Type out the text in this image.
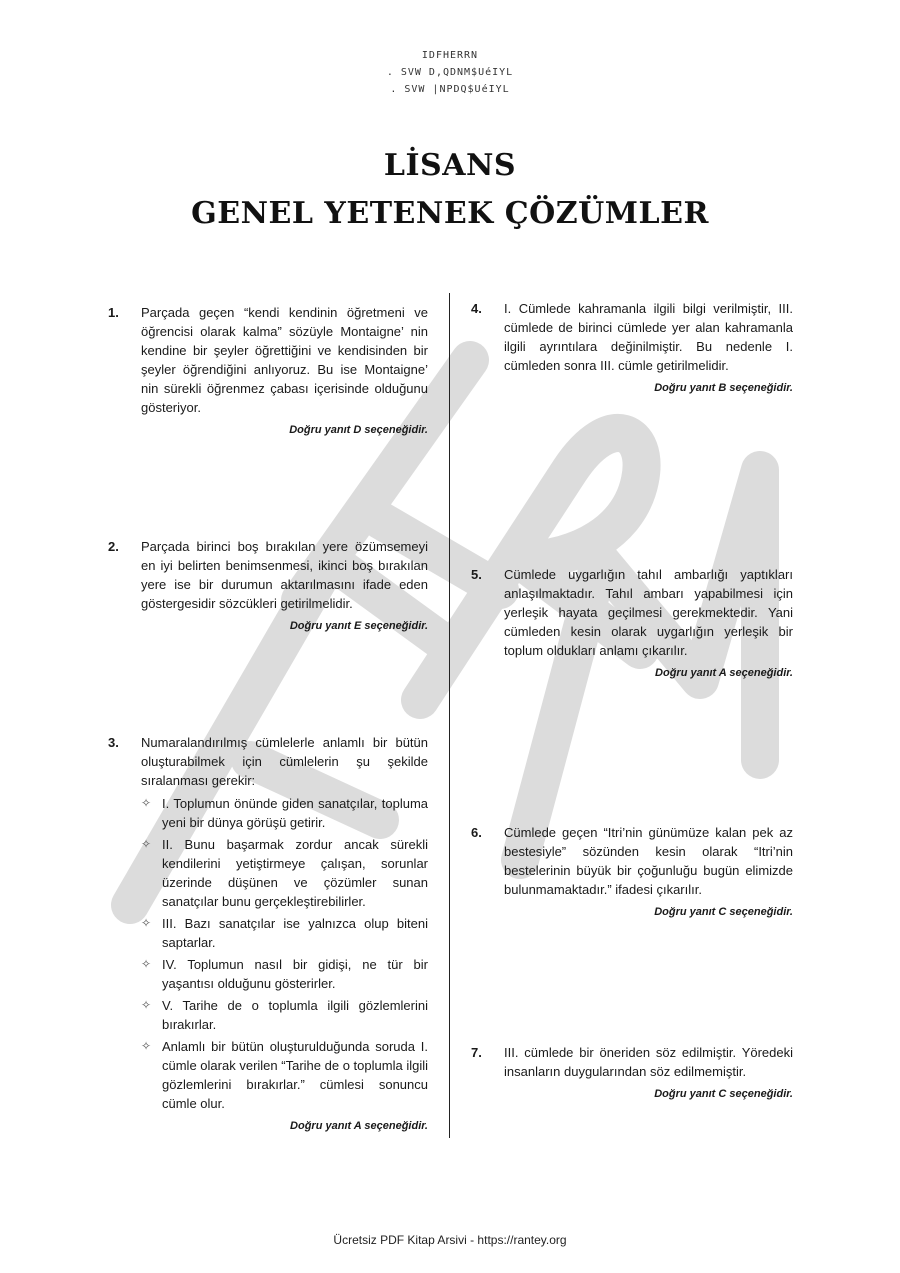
IDFHERRN
. SVW D,QDNM$UéIYL
. SVW |NPDQ$UéIYL
LİSANS
GENEL YETENEK ÇÖZÜMLER
1.	Parçada geçen “kendi kendinin öğretmeni ve öğrencisi olarak kalma” sözüyle Montaigne’ nin kendine bir şeyler öğrettiğini ve kendisinden bir şeyler öğrendiğini anlıyoruz. Bu ise Montaigne’ nin sürekli öğrenmez çabası içerisinde olduğunu gösteriyor.
Doğru yanıt D seçeneğidir.
2.	Parçada birinci boş bırakılan yere özümsemeyi en iyi belirten benimsenmesi, ikinci boş bırakılan yere ise bir durumun aktarılmasını ifade eden göstergesidir sözcükleri getirilmelidir.
Doğru yanıt E seçeneğidir.
3.	Numaralandırılmış cümlelerle anlamlı bir bütün oluşturabilmek için cümlelerin şu şekilde sıralanması gerekir:
✧ I. Toplumun önünde giden sanatçılar, topluma yeni bir dünya görüşü getirir.
✧ II. Bunu başarmak zordur ancak sürekli kendilerini yetiştirmeye çalışan, sorunlar üzerinde düşünen ve çözümler sunan sanatçılar bunu gerçekleştirebilirler.
✧ III. Bazı sanatçılar ise yalnızca olup biteni saptarlar.
✧ IV. Toplumun nasıl bir gidişi, ne tür bir yaşantısı olduğunu gösterirler.
✧ V. Tarihe de o toplumla ilgili gözlemlerini bırakırlar.
✧ Anlamlı bir bütün oluşturulduğunda soruda I. cümle olarak verilen “Tarihe de o toplumla ilgili gözlemlerini bırakırlar.” cümlesi sonuncu cümle olur.
Doğru yanıt A seçeneğidir.
4.	I. Cümlede kahramanla ilgili bilgi verilmiştir, III. cümlede de birinci cümlede yer alan kahramanla ilgili ayrıntılara değinilmiştir. Bu nedenle I. cümleden sonra III. cümle getirilmelidir.
Doğru yanıt B seçeneğidir.
5.	Cümlede uygarlığın tahıl ambarlığı yaptıkları anlaşılmaktadır. Tahıl ambarı yapabilmesi için yerleşik hayata geçilmesi gerekmektedir. Yani cümleden kesin olarak uygarlığın yerleşik bir toplum oldukları anlamı çıkarılır.
Doğru yanıt A seçeneğidir.
6.	Cümlede geçen “Itri’nin günümüze kalan pek az bestesiyle” sözünden kesin olarak “Itri’nin bestelerinin büyük bir çoğunluğu bugün elimizde bulunmamaktadır.” ifadesi çıkarılır.
Doğru yanıt C seçeneğidir.
7.	III. cümlede bir öneriden söz edilmiştir. Yöredeki insanların duygularından söz edilmemiştir.
Doğru yanıt C seçeneğidir.
Ücretsiz PDF Kitap Arsivi - https://rantey.org
